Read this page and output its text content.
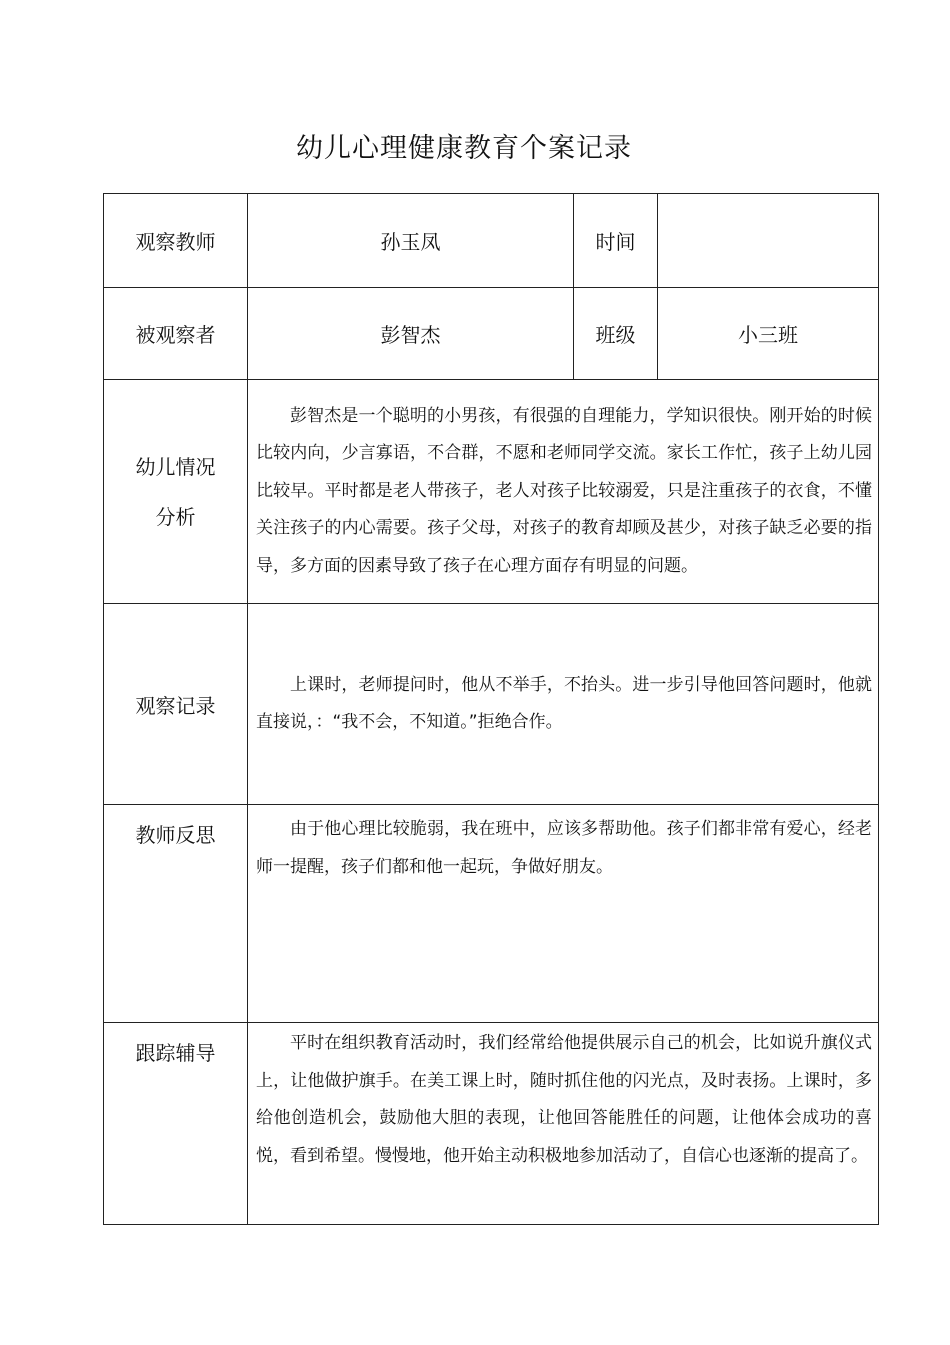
幼儿心理健康教育个案记录
观察教师	孙玉凤	时间	
被观察者	彭智杰	班级	小三班

幼儿情况
分析	彭智杰是一个聪明的小男孩，有很强的自理能力，学知识很快。刚开始的时候比较内向，少言寡语，不合群，不愿和老师同学交流。家长工作忙，孩子上幼儿园比较早。平时都是老人带孩子，老人对孩子比较溺爱，只是注重孩子的衣食，不懂关注孩子的内心需要。孩子父母，对孩子的教育却顾及甚少，对孩子缺乏必要的指导，多方面的因素导致了孩子在心理方面存有明显的问题。		

观察记录	上课时，老师提问时，他从不举手，不抬头。进一步引导他回答问题时，他就直接说，：“我不会，不知道。”拒绝合作。		

教师反思	由于他心理比较脆弱，我在班中，应该多帮助他。孩子们都非常有爱心，经老师一提醒，孩子们都和他一起玩，争做好朋友。		

跟踪辅导	平时在组织教育活动时，我们经常给他提供展示自己的机会，比如说升旗仪式上，让他做护旗手。在美工课上时，随时抓住他的闪光点，及时表扬。上课时，多给他创造机会，鼓励他大胆的表现，让他回答能胜任的问题，让他体会成功的喜悦，看到希望。慢慢地，他开始主动积极地参加活动了，自信心也逐渐的提高了。		
